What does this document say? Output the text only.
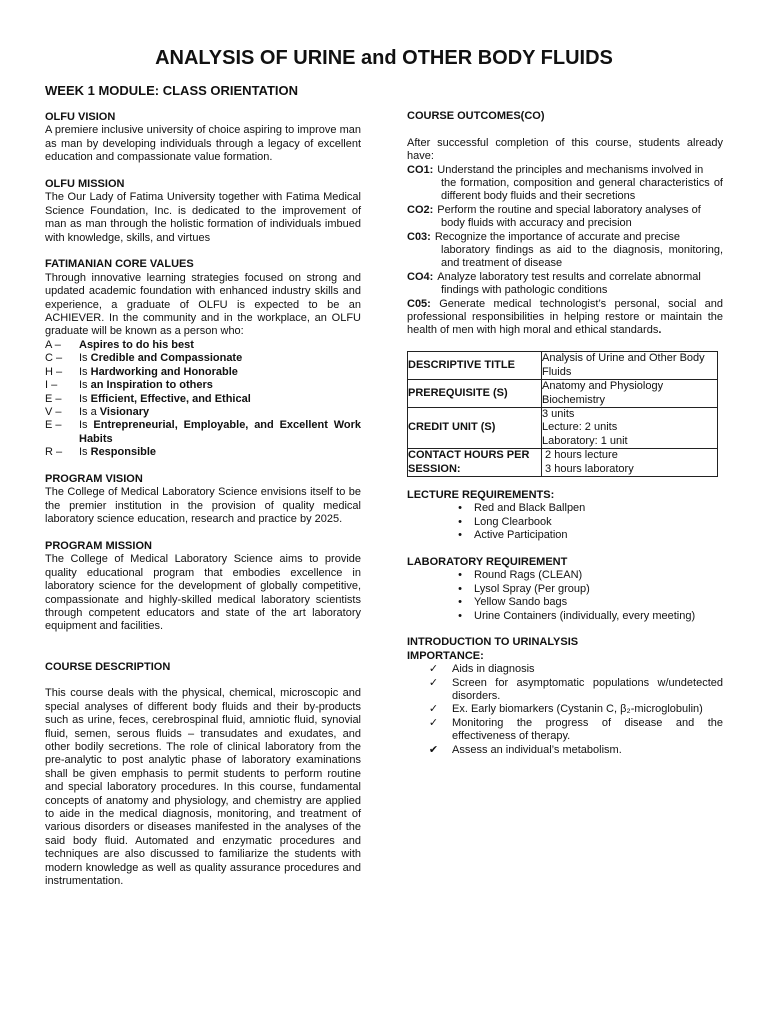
ANALYSIS OF URINE and OTHER BODY FLUIDS
WEEK 1 MODULE: CLASS ORIENTATION
OLFU VISION

A premiere inclusive university of choice aspiring to improve man as man by developing individuals through a legacy of excellent education and compassionate value formation.

OLFU MISSION

The Our Lady of Fatima University together with Fatima Medical Science Foundation, Inc. is dedicated to the improvement of man as man through the holistic formation of individuals imbued with knowledge, skills, and virtues

FATIMANIAN CORE VALUES

Through innovative learning strategies focused on strong and updated academic foundation with enhanced industry skills and experience, a graduate of OLFU is expected to be an ACHIEVER. In the community and in the workplace, an OLFU graduate will be known as a person who:

A –	Aspires to do his best
C –	Is Credible and Compassionate
H –	Is Hardworking and Honorable
I –	Is an Inspiration to others
E –	Is Efficient, Effective, and Ethical
V –	Is a Visionary
E –	Is Entrepreneurial, Employable, and Excellent Work Habits
R –	Is Responsible
PROGRAM VISION

The College of Medical Laboratory Science envisions itself to be the premier institution in the provision of quality medical laboratory science education, research and practice by 2025.

PROGRAM MISSION

The College of Medical Laboratory Science aims to provide quality educational program that embodies excellence in laboratory science for the development of globally competitive, compassionate and highly-skilled medical laboratory scientists through competent educators and state of the art laboratory equipment and facilities.

COURSE DESCRIPTION

This course deals with the physical, chemical, microscopic and special analyses of different body fluids and their by-products such as urine, feces, cerebrospinal fluid, amniotic fluid, synovial fluid, semen, serous fluids – transudates and exudates, and other bodily secretions. The role of clinical laboratory from the pre-analytic to post analytic phase of laboratory examinations shall be given emphasis to permit students to perform routine and special laboratory procedures. In this course, fundamental concepts of anatomy and physiology, and chemistry are applied to aide in the medical diagnosis, monitoring, and treatment of various disorders or diseases manifested in the analyses of the said body fluid. Automated and enzymatic procedures and techniques are also discussed to familiarize the students with modern knowledge as well as quality assurance procedures and instrumentation.

COURSE OUTCOMES(CO)

After successful completion of this course, students already have:

CO1: Understand the principles and mechanisms involved in
the formation, composition and general characteristics of different body fluids and their secretions
CO2: Perform the routine and special laboratory analyses of
body fluids with accuracy and precision
C03: Recognize the importance of accurate and precise
laboratory findings as aid to the diagnosis, monitoring, and treatment of disease
CO4: Analyze laboratory test results and correlate abnormal
findings with pathologic conditions

C05: Generate medical technologist’s personal, social and professional responsibilities in helping restore or maintain the health of men with high moral and ethical standards.

DESCRIPTIVE TITLE	Analysis of Urine and Other Body Fluids

PREREQUISITE (S)	Anatomy and Physiology
Biochemistry

CREDIT UNIT (S)	3 units
Lecture: 2 units
Laboratory: 1 unit

CONTACT HOURS PER SESSION:	2 hours lecture
3 hours laboratory
LECTURE REQUIREMENTS:
•	Red and Black Ballpen
•	Long Clearbook
•	Active Participation
LABORATORY REQUIREMENT
•	Round Rags (CLEAN)
•	Lysol Spray (Per group)
•	Yellow Sando bags
•	Urine Containers (individually, every meeting)
INTRODUCTION TO URINALYSIS
IMPORTANCE:
✓	Aids in diagnosis
✓	Screen for asymptomatic populations w/undetected disorders.
✓	Ex. Early biomarkers (Cystanin C, β₂-microglobulin)
✓	Monitoring the progress of disease and the effectiveness of therapy.
✔	Assess an individual’s metabolism.
